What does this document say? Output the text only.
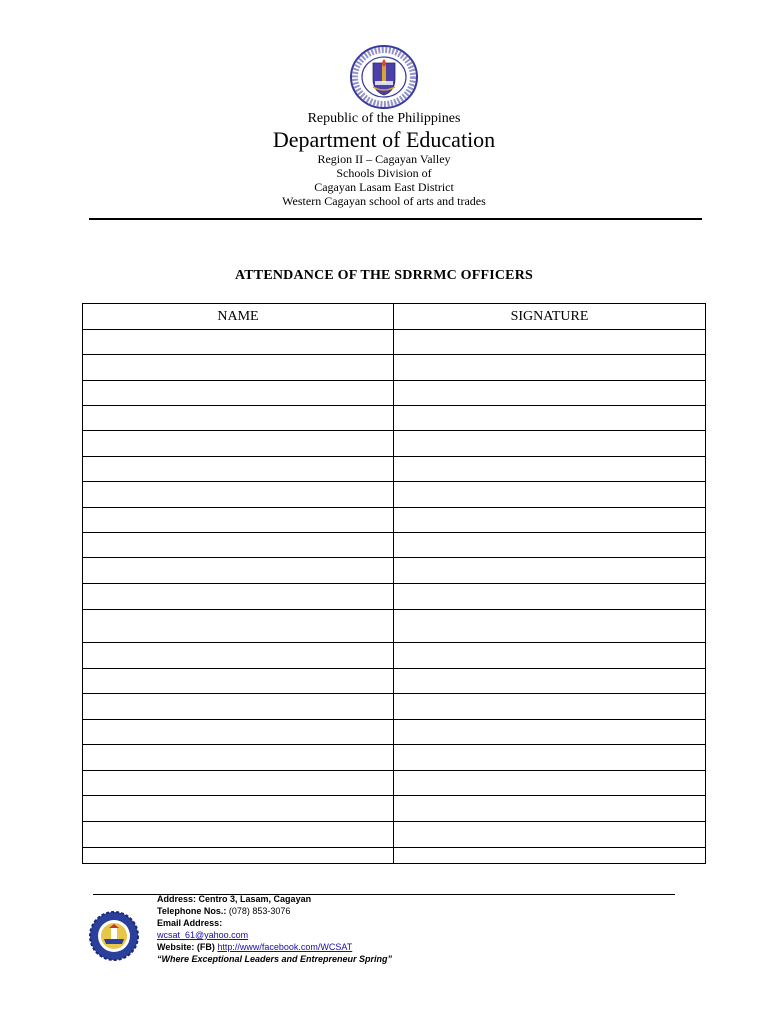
Republic of the Philippines
Department of Education
Region II – Cagayan Valley
Schools Division of
Cagayan Lasam East District
Western Cagayan school of arts and trades
ATTENDANCE OF THE SDRRMC OFFICERS
NAME	SIGNATURE

Address: Centro 3, Lasam, Cagayan
Telephone Nos.: (078) 853-3076
Email Address:
wcsat_61@yahoo.com
Website: (FB) http://www/facebook.com/WCSAT
“Where Exceptional Leaders and Entrepreneur Spring”
